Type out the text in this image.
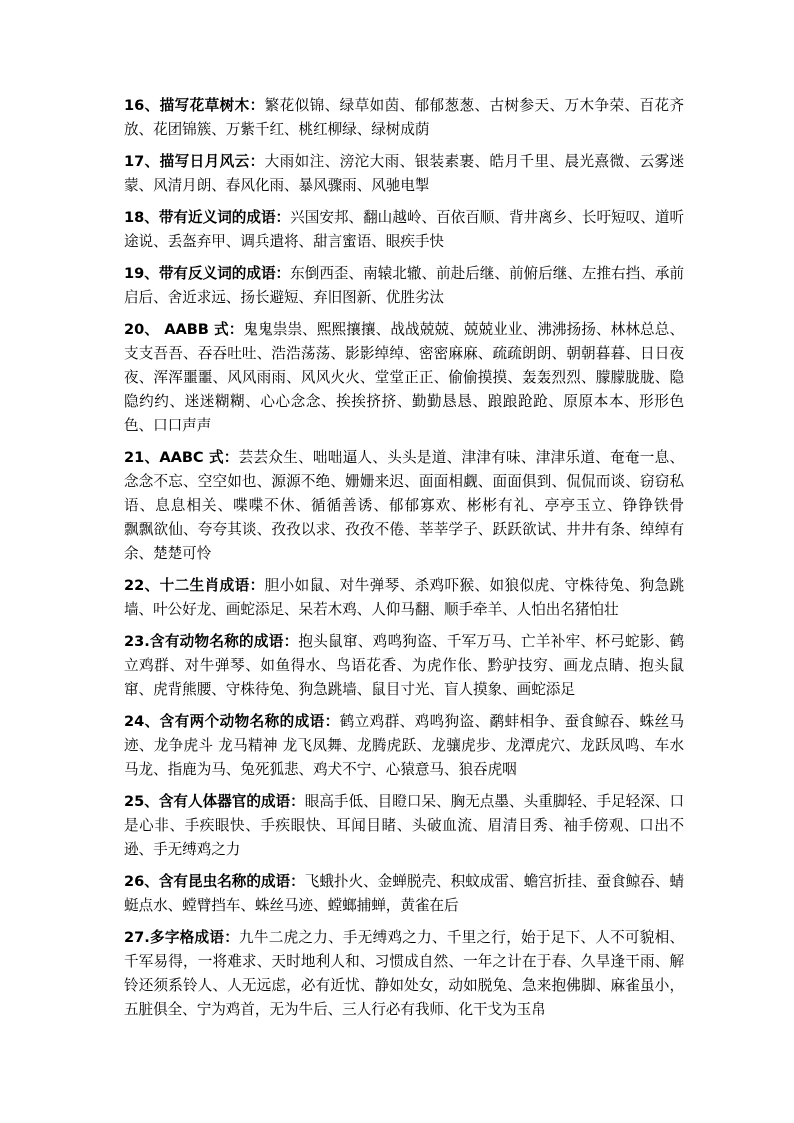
16、描写花草树木：繁花似锦、绿草如茵、郁郁葱葱、古树参天、万木争荣、百花齐放、花团锦簇、万紫千红、桃红柳绿、绿树成荫

17、描写日月风云：大雨如注、滂沱大雨、银装素裹、皓月千里、晨光熹微、云雾迷蒙、风清月朗、春风化雨、暴风骤雨、风驰电掣

18、带有近义词的成语：兴国安邦、翻山越岭、百依百顺、背井离乡、长吁短叹、道听途说、丢盔弃甲、调兵遣将、甜言蜜语、眼疾手快

19、带有反义词的成语：东倒西歪、南辕北辙、前赴后继、前俯后继、左推右挡、承前启后、舍近求远、扬长避短、弃旧图新、优胜劣汰

20、 AABB 式：鬼鬼祟祟、熙熙攘攘、战战兢兢、兢兢业业、沸沸扬扬、林林总总、支支吾吾、吞吞吐吐、浩浩荡荡、影影绰绰、密密麻麻、疏疏朗朗、朝朝暮暮、日日夜夜、浑浑噩噩、风风雨雨、风风火火、堂堂正正、偷偷摸摸、轰轰烈烈、朦朦胧胧、隐隐约约、迷迷糊糊、心心念念、挨挨挤挤、勤勤恳恳、踉踉跄跄、原原本本、形形色色、口口声声

21、AABC 式：芸芸众生、咄咄逼人、头头是道、津津有味、津津乐道、奄奄一息、念念不忘、空空如也、源源不绝、姗姗来迟、面面相觑、面面俱到、侃侃而谈、窃窃私语、息息相关、喋喋不休、循循善诱、郁郁寡欢、彬彬有礼、亭亭玉立、铮铮铁骨　　飘飘欲仙、夸夸其谈、孜孜以求、孜孜不倦、莘莘学子、跃跃欲试、井井有条、绰绰有余、楚楚可怜

22、十二生肖成语：胆小如鼠、对牛弹琴、杀鸡吓猴、如狼似虎、守株待兔、狗急跳墙、叶公好龙、画蛇添足、呆若木鸡、人仰马翻、顺手牵羊、人怕出名猪怕壮

23.含有动物名称的成语：抱头鼠窜、鸡鸣狗盗、千军万马、亡羊补牢、杯弓蛇影、鹤立鸡群、对牛弹琴、如鱼得水、鸟语花香、为虎作伥、黔驴技穷、画龙点睛、抱头鼠窜、虎背熊腰、守株待兔、狗急跳墙、鼠目寸光、盲人摸象、画蛇添足

24、含有两个动物名称的成语：鹤立鸡群、鸡鸣狗盗、鹬蚌相争、蚕食鲸吞、蛛丝马迹、龙争虎斗 龙马精神 龙飞凤舞、龙腾虎跃、龙骧虎步、龙潭虎穴、龙跃凤鸣、车水马龙、指鹿为马、兔死狐悲、鸡犬不宁、心猿意马、狼吞虎咽

25、含有人体器官的成语：眼高手低、目瞪口呆、胸无点墨、头重脚轻、手足轻深、口是心非、手疾眼快、手疾眼快、耳闻目睹、头破血流、眉清目秀、袖手傍观、口出不逊、手无缚鸡之力

26、含有昆虫名称的成语：飞蛾扑火、金蝉脱壳、积蚊成雷、蟾宫折挂、蚕食鲸吞、蜻蜓点水、螳臂挡车、蛛丝马迹、螳螂捕蝉，黄雀在后

27.多字格成语：九牛二虎之力、手无缚鸡之力、千里之行，始于足下、人不可貌相、千军易得，一将难求、天时地利人和、习惯成自然、一年之计在于春、久旱逢干雨、解铃还须系铃人、人无远虑，必有近忧、静如处女，动如脱兔、急来抱佛脚、麻雀虽小，五脏俱全、宁为鸡首，无为牛后、三人行必有我师、化干戈为玉帛
